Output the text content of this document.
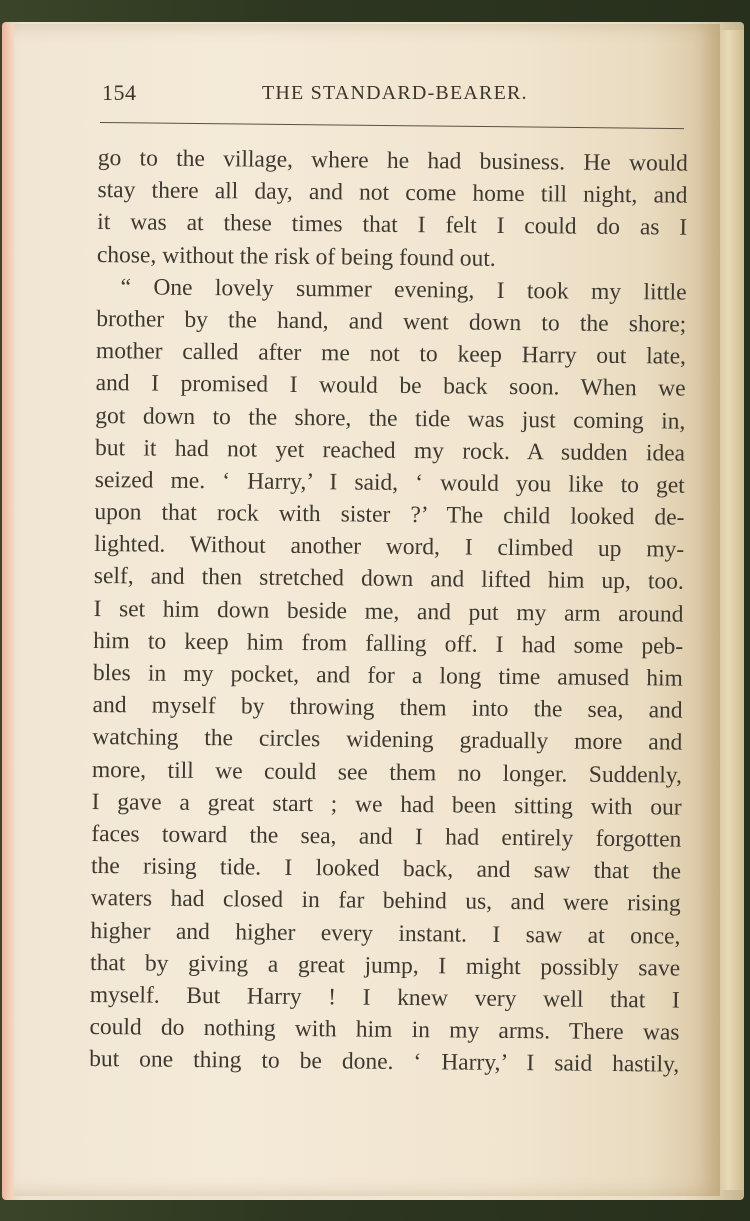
154	THE STANDARD-BEARER.
go to the village, where he had business. He would
stay there all day, and not come home till night, and
it was at these times that I felt I could do as I
chose, without the risk of being found out.
“ One lovely summer evening, I took my little
brother by the hand, and went down to the shore;
mother called after me not to keep Harry out late,
and I promised I would be back soon. When we
got down to the shore, the tide was just coming in,
but it had not yet reached my rock. A sudden idea
seized me. ‘ Harry,’ I said, ‘ would you like to get
upon that rock with sister ?’ The child looked de-
lighted. Without another word, I climbed up my-
self, and then stretched down and lifted him up, too.
I set him down beside me, and put my arm around
him to keep him from falling off. I had some peb-
bles in my pocket, and for a long time amused him
and myself by throwing them into the sea, and
watching the circles widening gradually more and
more, till we could see them no longer. Suddenly,
I gave a great start ; we had been sitting with our
faces toward the sea, and I had entirely forgotten
the rising tide. I looked back, and saw that the
waters had closed in far behind us, and were rising
higher and higher every instant. I saw at once,
that by giving a great jump, I might possibly save
myself. But Harry ! I knew very well that I
could do nothing with him in my arms. There was
but one thing to be done. ‘ Harry,’ I said hastily,
